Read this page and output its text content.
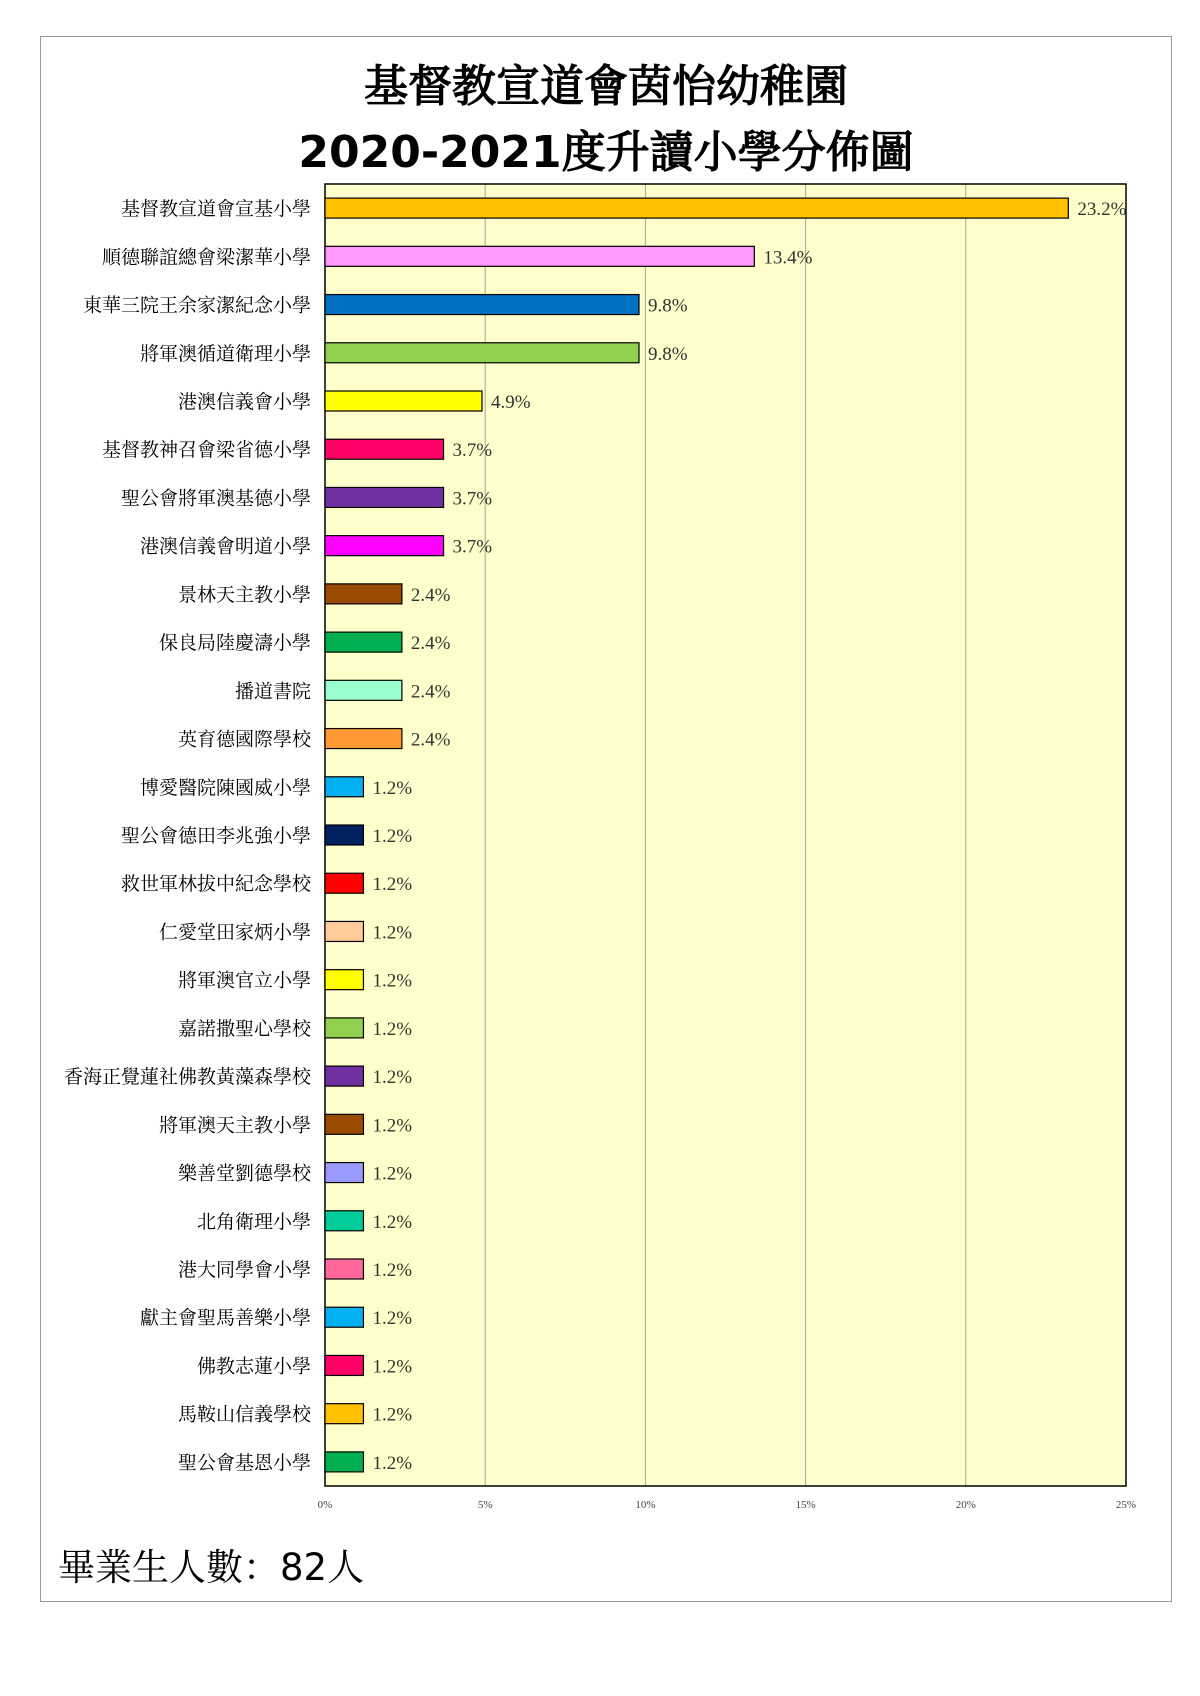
基督教宣道會茵怡幼稚園
2020-2021度升讀小學分佈圖
0%	5%	10%	15%	20%	25%
基督教宣道會宣基小學	23.2%
順德聯誼總會梁潔華小學	13.4%
東華三院王余家潔紀念小學	9.8%
將軍澳循道衛理小學	9.8%
港澳信義會小學	4.9%
基督教神召會梁省德小學	3.7%
聖公會將軍澳基德小學	3.7%
港澳信義會明道小學	3.7%
景林天主教小學	2.4%
保良局陸慶濤小學	2.4%
播道書院	2.4%
英育德國際學校	2.4%
博愛醫院陳國威小學	1.2%
聖公會德田李兆強小學	1.2%
救世軍林拔中紀念學校	1.2%
仁愛堂田家炳小學	1.2%
將軍澳官立小學	1.2%
嘉諾撒聖心學校	1.2%
香海正覺蓮社佛教黃藻森學校	1.2%
將軍澳天主教小學	1.2%
樂善堂劉德學校	1.2%
北角衛理小學	1.2%
港大同學會小學	1.2%
獻主會聖馬善樂小學	1.2%
佛教志蓮小學	1.2%
馬鞍山信義學校	1.2%
聖公會基恩小學	1.2%
畢業生人數：82人
